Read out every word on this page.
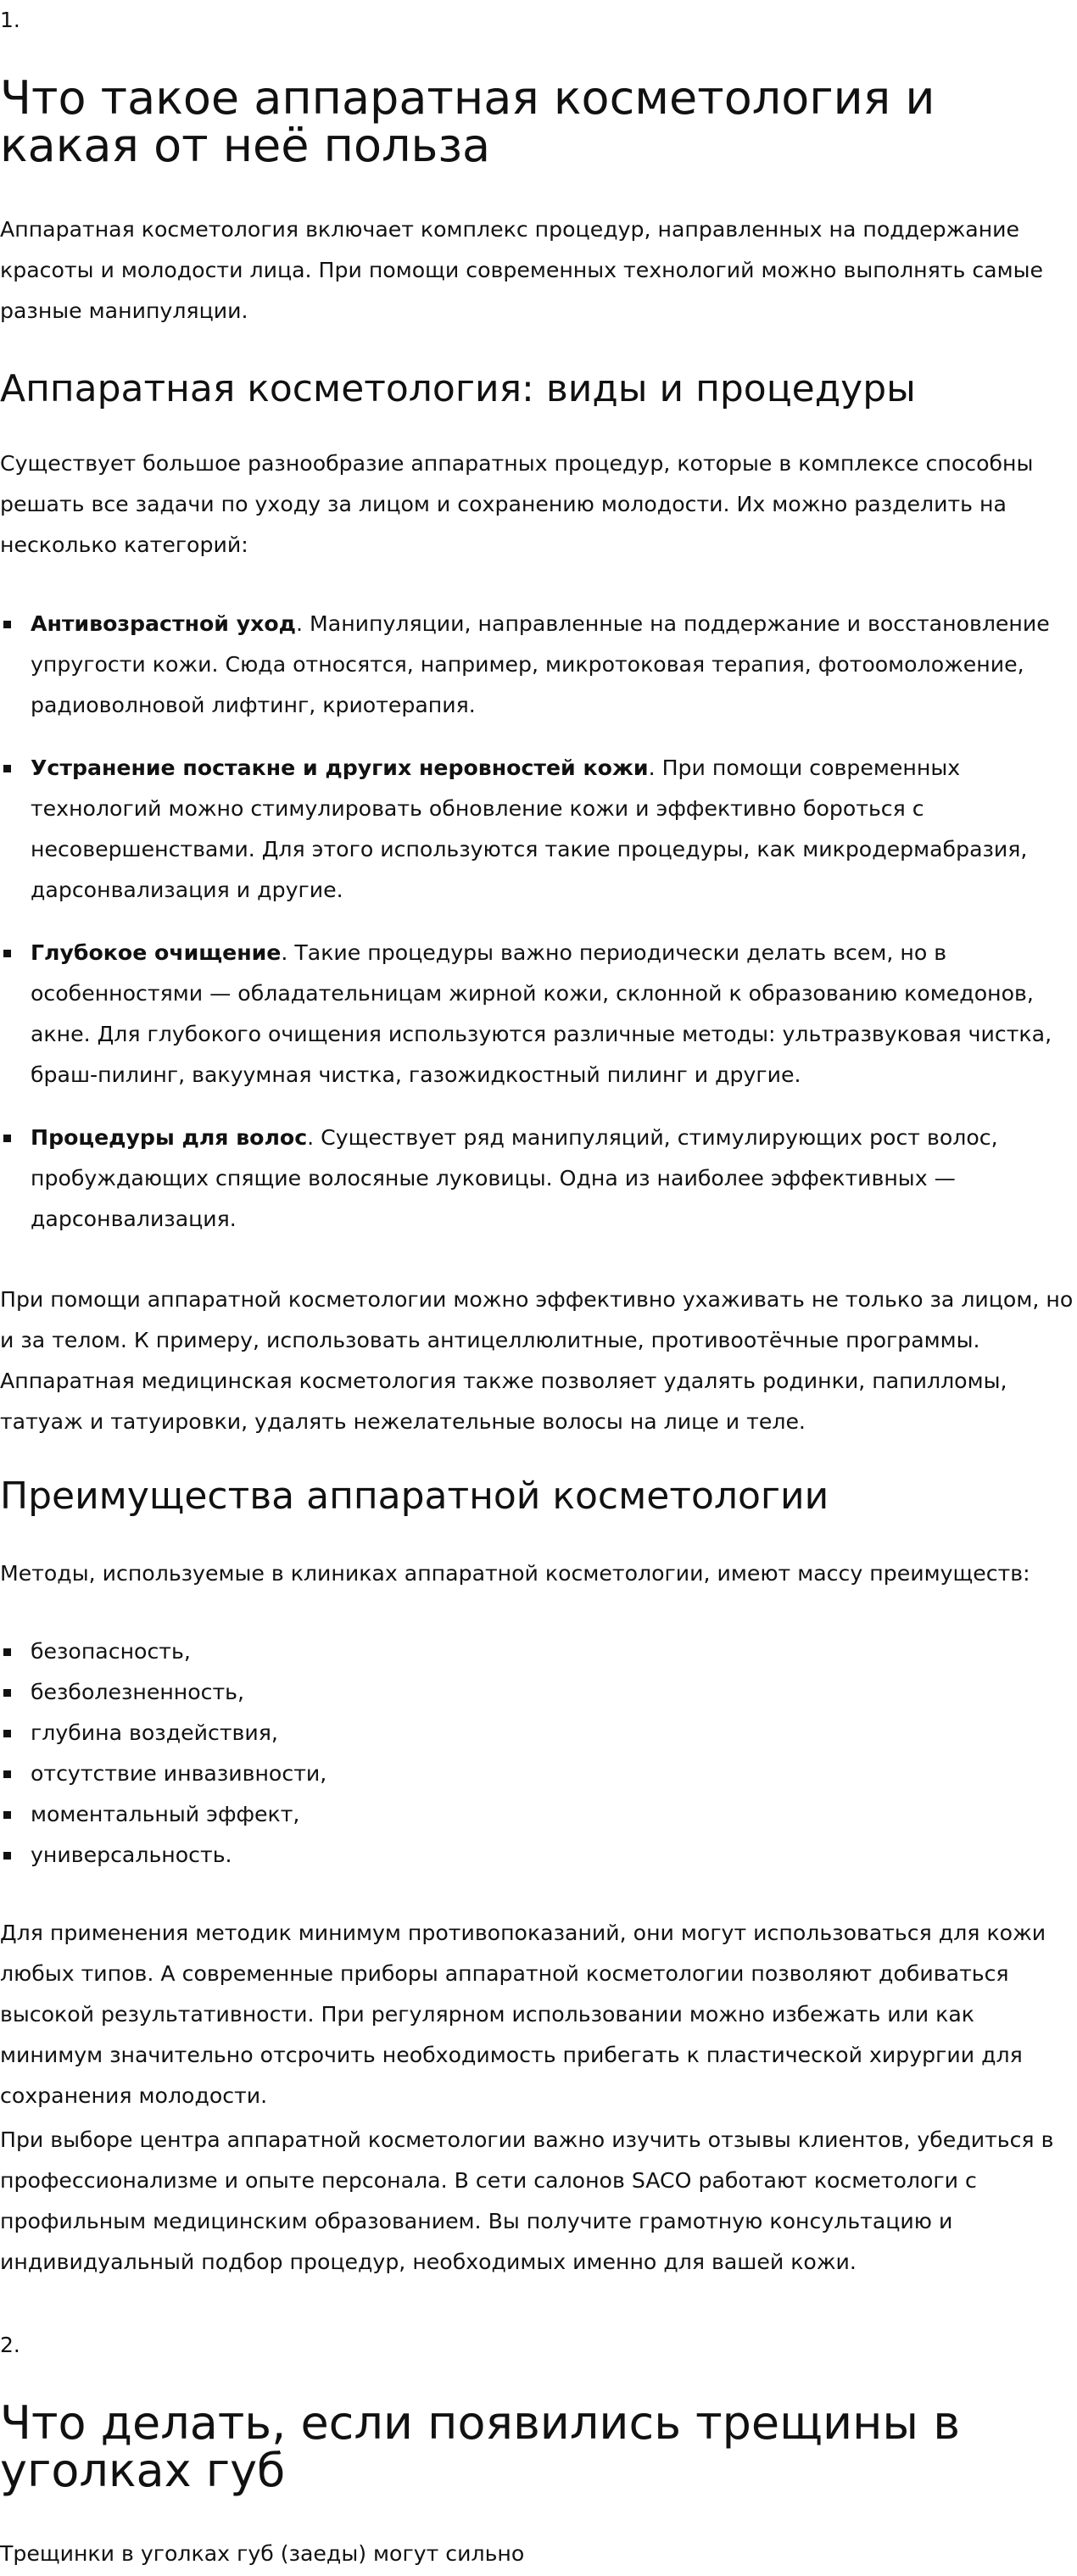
1.

Что такое аппаратная косметология и какая от неё польза

Аппаратная косметология включает комплекс процедур, направленных на поддержание красоты и молодости лица. При помощи современных технологий можно выполнять самые разные манипуляции.

Аппаратная косметология: виды и процедуры

Существует большое разнообразие аппаратных процедур, которые в комплексе способны решать все задачи по уходу за лицом и сохранению молодости. Их можно разделить на несколько категорий:

Антивозрастной уход. Манипуляции, направленные на поддержание и восстановление упругости кожи. Сюда относятся, например, микротоковая терапия, фотоомоложение, радиоволновой лифтинг, криотерапия.
Устранение постакне и других неровностей кожи. При помощи современных технологий можно стимулировать обновление кожи и эффективно бороться с несовершенствами. Для этого используются такие процедуры, как микродермабразия, дарсонвализация и другие.
Глубокое очищение. Такие процедуры важно периодически делать всем, но в особенностями — обладательницам жирной кожи, склонной к образованию комедонов, акне. Для глубокого очищения используются различные методы: ультразвуковая чистка, браш-пилинг, вакуумная чистка, газожидкостный пилинг и другие.
Процедуры для волос. Существует ряд манипуляций, стимулирующих рост волос, пробуждающих спящие волосяные луковицы. Одна из наиболее эффективных — дарсонвализация.

При помощи аппаратной косметологии можно эффективно ухаживать не только за лицом, но и за телом. К примеру, использовать антицеллюлитные, противоотёчные программы. Аппаратная медицинская косметология также позволяет удалять родинки, папилломы, татуаж и татуировки, удалять нежелательные волосы на лице и теле.

Преимущества аппаратной косметологии

Методы, используемые в клиниках аппаратной косметологии, имеют массу преимуществ:

безопасность,
безболезненность,
глубина воздействия,
отсутствие инвазивности,
моментальный эффект,
универсальность.

Для применения методик минимум противопоказаний, они могут использоваться для кожи любых типов. А современные приборы аппаратной косметологии позволяют добиваться высокой результативности. При регулярном использовании можно избежать или как минимум значительно отсрочить необходимость прибегать к пластической хирургии для сохранения молодости.

При выборе центра аппаратной косметологии важно изучить отзывы клиентов, убедиться в профессионализме и опыте персонала. В сети салонов SACO работают косметологи с профильным медицинским образованием. Вы получите грамотную консультацию и индивидуальный подбор процедур, необходимых именно для вашей кожи.

2.

Что делать, если появились трещины в уголках губ

Трещинки в уголках губ (заеды) могут сильно
